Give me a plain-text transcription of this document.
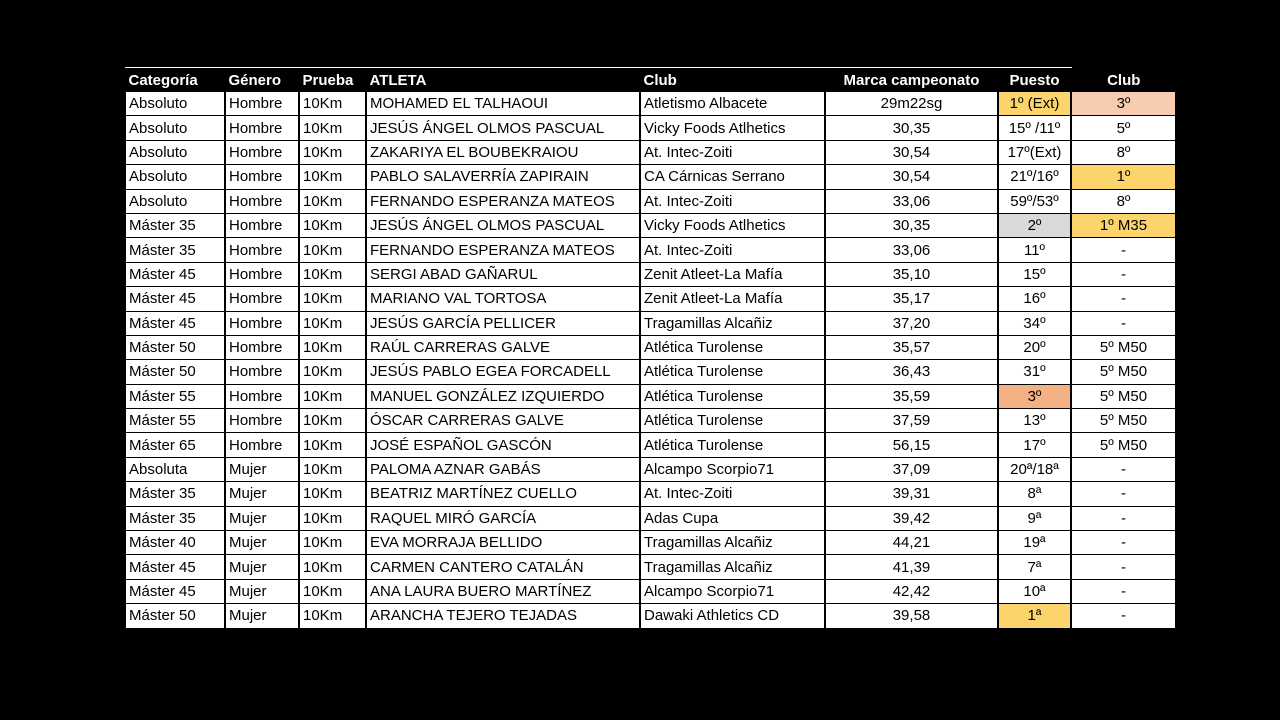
Categoría	Género	Prueba	ATLETA	Club	Marca campeonato	Puesto	Club
Absoluto	Hombre	10Km	MOHAMED EL TALHAOUI	Atletismo Albacete	29m22sg	1º (Ext)	3º
Absoluto	Hombre	10Km	JESÚS ÁNGEL OLMOS PASCUAL	Vicky Foods Atlhetics	30,35	15º /11º	5º
Absoluto	Hombre	10Km	ZAKARIYA EL BOUBEKRAIOU	At. Intec-Zoiti	30,54	17º(Ext)	8º
Absoluto	Hombre	10Km	PABLO SALAVERRÍA ZAPIRAIN	CA Cárnicas Serrano	30,54	21º/16º	1º
Absoluto	Hombre	10Km	FERNANDO ESPERANZA MATEOS	At. Intec-Zoiti	33,06	59º/53º	8º
Máster 35	Hombre	10Km	JESÚS ÁNGEL OLMOS PASCUAL	Vicky Foods Atlhetics	30,35	2º	1º M35
Máster 35	Hombre	10Km	FERNANDO ESPERANZA MATEOS	At. Intec-Zoiti	33,06	11º	-
Máster 45	Hombre	10Km	SERGI ABAD GAÑARUL	Zenit Atleet-La Mafía	35,10	15º	-
Máster 45	Hombre	10Km	MARIANO VAL TORTOSA	Zenit Atleet-La Mafía	35,17	16º	-
Máster 45	Hombre	10Km	JESÚS GARCÍA PELLICER	Tragamillas Alcañiz	37,20	34º	-
Máster 50	Hombre	10Km	RAÚL CARRERAS GALVE	Atlética Turolense	35,57	20º	5º M50
Máster 50	Hombre	10Km	JESÚS PABLO EGEA FORCADELL	Atlética Turolense	36,43	31º	5º M50
Máster 55	Hombre	10Km	MANUEL GONZÁLEZ IZQUIERDO	Atlética Turolense	35,59	3º	5º M50
Máster 55	Hombre	10Km	ÓSCAR CARRERAS GALVE	Atlética Turolense	37,59	13º	5º M50
Máster 65	Hombre	10Km	JOSÉ ESPAÑOL GASCÓN	Atlética Turolense	56,15	17º	5º M50
Absoluta	Mujer	10Km	PALOMA AZNAR GABÁS	Alcampo Scorpio71	37,09	20ª/18ª	-
Máster 35	Mujer	10Km	BEATRIZ MARTÍNEZ CUELLO	At. Intec-Zoiti	39,31	8ª	-
Máster 35	Mujer	10Km	RAQUEL MIRÓ GARCÍA	Adas Cupa	39,42	9ª	-
Máster 40	Mujer	10Km	EVA MORRAJA BELLIDO	Tragamillas Alcañiz	44,21	19ª	-
Máster 45	Mujer	10Km	CARMEN CANTERO CATALÁN	Tragamillas Alcañiz	41,39	7ª	-
Máster 45	Mujer	10Km	ANA LAURA BUERO MARTÍNEZ	Alcampo Scorpio71	42,42	10ª	-
Máster 50	Mujer	10Km	ARANCHA TEJERO TEJADAS	Dawaki Athletics CD	39,58	1ª	-
